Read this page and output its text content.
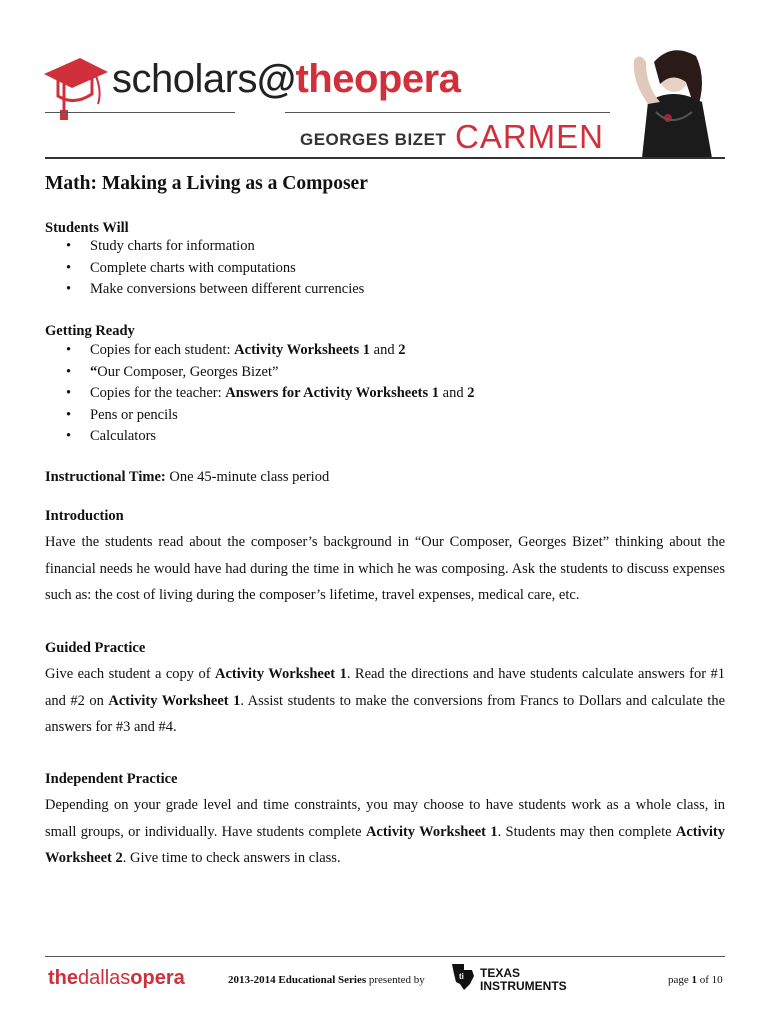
scholars@theopera
GEORGES BIZET CARMEN
Math: Making a Living as a Composer

Students Will

• Study charts for information
• Complete charts with computations
• Make conversions between different currencies

Getting Ready

• Copies for each student: Activity Worksheets 1 and 2
• “Our Composer, Georges Bizet”
• Copies for the teacher: Answers for Activity Worksheets 1 and 2
• Pens or pencils
• Calculators

Instructional Time: One 45-minute class period

Introduction

Have the students read about the composer’s background in “Our Composer, Georges Bizet” thinking about the financial needs he would have had during the time in which he was composing. Ask the students to discuss expenses such as: the cost of living during the composer’s lifetime, travel expenses, medical care, etc.

Guided Practice

Give each student a copy of Activity Worksheet 1. Read the directions and have students calculate answers for #1 and #2 on Activity Worksheet 1. Assist students to make the conversions from Francs to Dollars and calculate the answers for #3 and #4.

Independent Practice

Depending on your grade level and time constraints, you may choose to have students work as a whole class, in small groups, or individually. Have students complete Activity Worksheet 1. Students may then complete Activity Worksheet 2. Give time to check answers in class.

thedallasopera	2013-2014 Educational Series presented by	ti TEXAS
INSTRUMENTS	page 1 of 10
